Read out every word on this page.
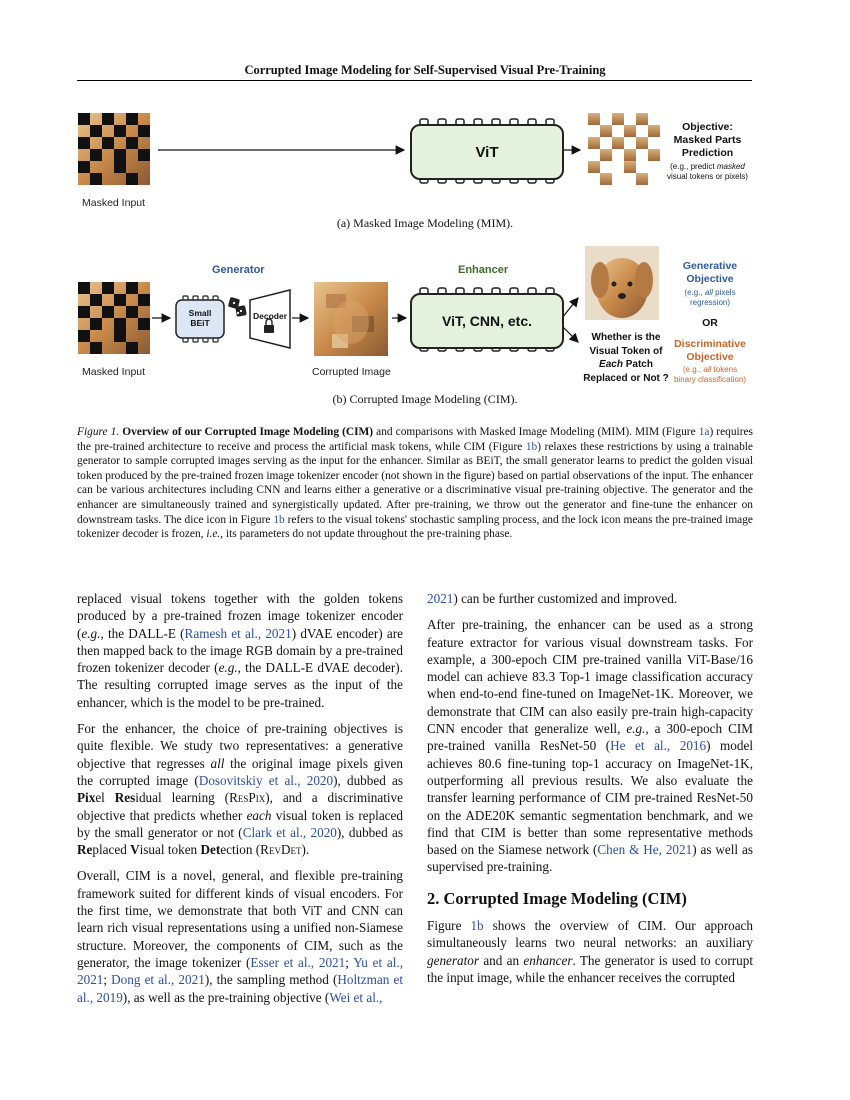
Corrupted Image Modeling for Self-Supervised Visual Pre-Training
Masked Input
ViT
Objective:
Masked Parts
Prediction
(e.g., predict masked
visual tokens or pixels)
(a) Masked Image Modeling (MIM).
Generator	Enhancer
Small
BEiT
Decoder	ViT, CNN, etc.
Masked Input	Corrupted Image
Whether is the
Visual Token of
Each Patch
Replaced or Not ?
Generative
Objective
(e.g., all pixels
regression)
OR
Discriminative
Objective
(e.g., all tokens
binary classification)
(b) Corrupted Image Modeling (CIM).
Figure 1. Overview of our Corrupted Image Modeling (CIM) and comparisons with Masked Image Modeling (MIM). MIM (Figure 1a) requires the pre-trained architecture to receive and process the artificial mask tokens, while CIM (Figure 1b) relaxes these restrictions by using a trainable generator to sample corrupted images serving as the input for the enhancer. Similar as BEiT, the small generator learns to predict the golden visual token produced by the pre-trained frozen image tokenizer encoder (not shown in the figure) based on partial observations of the input. The enhancer can be various architectures including CNN and learns either a generative or a discriminative visual pre-training objective. The generator and the enhancer are simultaneously trained and synergistically updated. After pre-training, we throw out the generator and fine-tune the enhancer on downstream tasks. The dice icon in Figure 1b refers to the visual tokens' stochastic sampling process, and the lock icon means the pre-trained image tokenizer decoder is frozen, i.e., its parameters do not update throughout the pre-training phase.

replaced visual tokens together with the golden tokens produced by a pre-trained frozen image tokenizer encoder (e.g., the DALL-E (Ramesh et al., 2021) dVAE encoder) are then mapped back to the image RGB domain by a pre-trained frozen tokenizer decoder (e.g., the DALL-E dVAE decoder). The resulting corrupted image serves as the input of the enhancer, which is the model to be pre-trained.

For the enhancer, the choice of pre-training objectives is quite flexible. We study two representatives: a generative objective that regresses all the original image pixels given the corrupted image (Dosovitskiy et al., 2020), dubbed as Pixel Residual learning (ResPix), and a discriminative objective that predicts whether each visual token is replaced by the small generator or not (Clark et al., 2020), dubbed as Replaced Visual token Detection (RevDet).

Overall, CIM is a novel, general, and flexible pre-training framework suited for different kinds of visual encoders. For the first time, we demonstrate that both ViT and CNN can learn rich visual representations using a unified non-Siamese structure. Moreover, the components of CIM, such as the generator, the image tokenizer (Esser et al., 2021; Yu et al., 2021; Dong et al., 2021), the sampling method (Holtzman et al., 2019), as well as the pre-training objective (Wei et al.,

2021) can be further customized and improved.

After pre-training, the enhancer can be used as a strong feature extractor for various visual downstream tasks. For example, a 300-epoch CIM pre-trained vanilla ViT-Base/16 model can achieve 83.3 Top-1 image classification accuracy when end-to-end fine-tuned on ImageNet-1K. Moreover, we demonstrate that CIM can also easily pre-train high-capacity CNN encoder that generalize well, e.g., a 300-epoch CIM pre-trained vanilla ResNet-50 (He et al., 2016) model achieves 80.6 fine-tuning top-1 accuracy on ImageNet-1K, outperforming all previous results. We also evaluate the transfer learning performance of CIM pre-trained ResNet-50 on the ADE20K semantic segmentation benchmark, and we find that CIM is better than some representative methods based on the Siamese network (Chen & He, 2021) as well as supervised pre-training.

2. Corrupted Image Modeling (CIM)

Figure 1b shows the overview of CIM. Our approach simultaneously learns two neural networks: an auxiliary generator and an enhancer. The generator is used to corrupt the input image, while the enhancer receives the corrupted
